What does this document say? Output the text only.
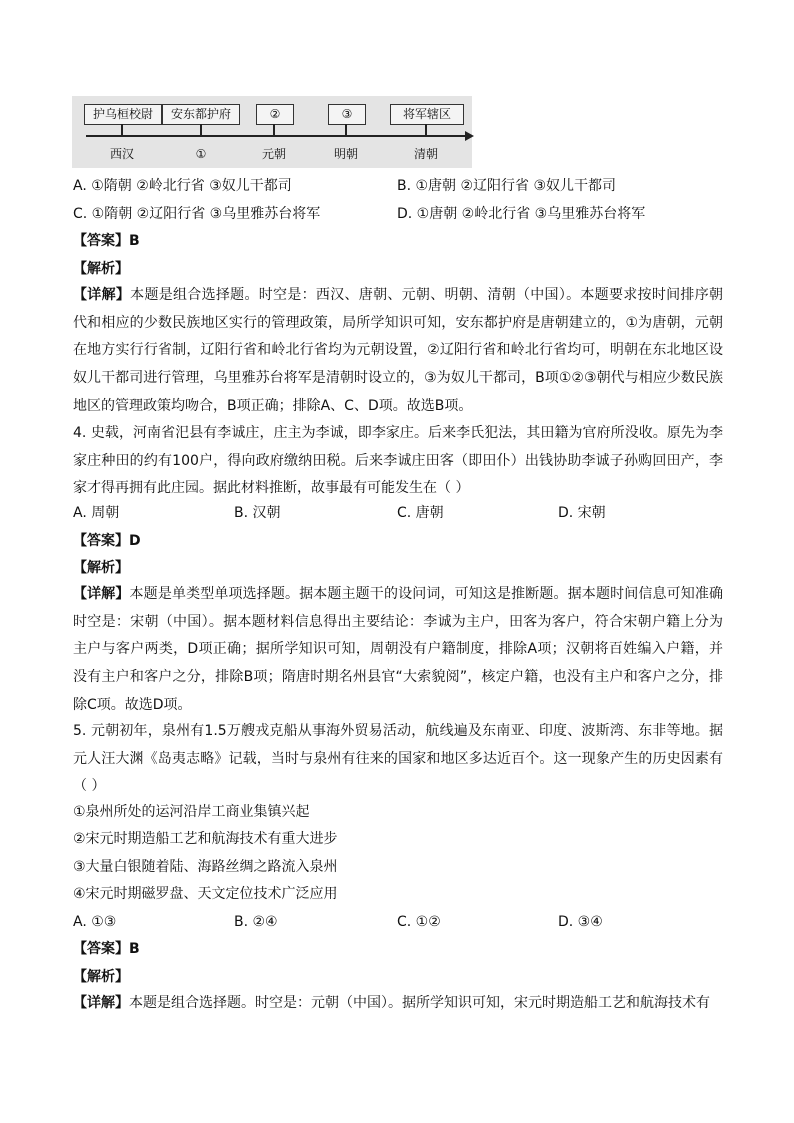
护乌桓校尉	安东都护府	②	③	将军辖区
西汉	①	元朝	明朝	清朝
A. ①隋朝 ②岭北行省 ③奴儿干都司	B. ①唐朝 ②辽阳行省 ③奴儿干都司
C. ①隋朝 ②辽阳行省 ③乌里雅苏台将军	D. ①唐朝 ②岭北行省 ③乌里雅苏台将军
【答案】B
【解析】
【详解】本题是组合选择题。时空是：西汉、唐朝、元朝、明朝、清朝（中国）。本题要求按时间排序朝代和相应的少数民族地区实行的管理政策，局所学知识可知，安东都护府是唐朝建立的，①为唐朝，元朝在地方实行行省制，辽阳行省和岭北行省均为元朝设置，②辽阳行省和岭北行省均可，明朝在东北地区设奴儿干都司进行管理，乌里雅苏台将军是清朝时设立的，③为奴儿干都司，B项①②③朝代与相应少数民族地区的管理政策均吻合，B项正确；排除A、C、D项。故选B项。
4. 史载，河南省汜县有李诚庄，庄主为李诚，即李家庄。后来李氏犯法，其田籍为官府所没收。原先为李家庄种田的约有100户，得向政府缴纳田税。后来李诚庄田客（即田仆）出钱协助李诚子孙购回田产，李家才得再拥有此庄园。据此材料推断，故事最有可能发生在（ ）
A. 周朝	B. 汉朝	C. 唐朝	D. 宋朝
【答案】D
【解析】
【详解】本题是单类型单项选择题。据本题主题干的设问词，可知这是推断题。据本题时间信息可知准确时空是：宋朝（中国）。据本题材料信息得出主要结论：李诚为主户，田客为客户，符合宋朝户籍上分为主户与客户两类，D项正确；据所学知识可知，周朝没有户籍制度，排除A项；汉朝将百姓编入户籍，并没有主户和客户之分，排除B项；隋唐时期名州县官“大索貌阅”，核定户籍，也没有主户和客户之分，排除C项。故选D项。
5. 元朝初年，泉州有1.5万艘戎克船从事海外贸易活动，航线遍及东南亚、印度、波斯湾、东非等地。据元人汪大渊《岛夷志略》记载，当时与泉州有往来的国家和地区多达近百个。这一现象产生的历史因素有（ ）
①泉州所处的运河沿岸工商业集镇兴起
②宋元时期造船工艺和航海技术有重大进步
③大量白银随着陆、海路丝绸之路流入泉州
④宋元时期磁罗盘、天文定位技术广泛应用
A. ①③	B. ②④	C. ①②	D. ③④
【答案】B
【解析】
【详解】本题是组合选择题。时空是：元朝（中国）。据所学知识可知，宋元时期造船工艺和航海技术有
